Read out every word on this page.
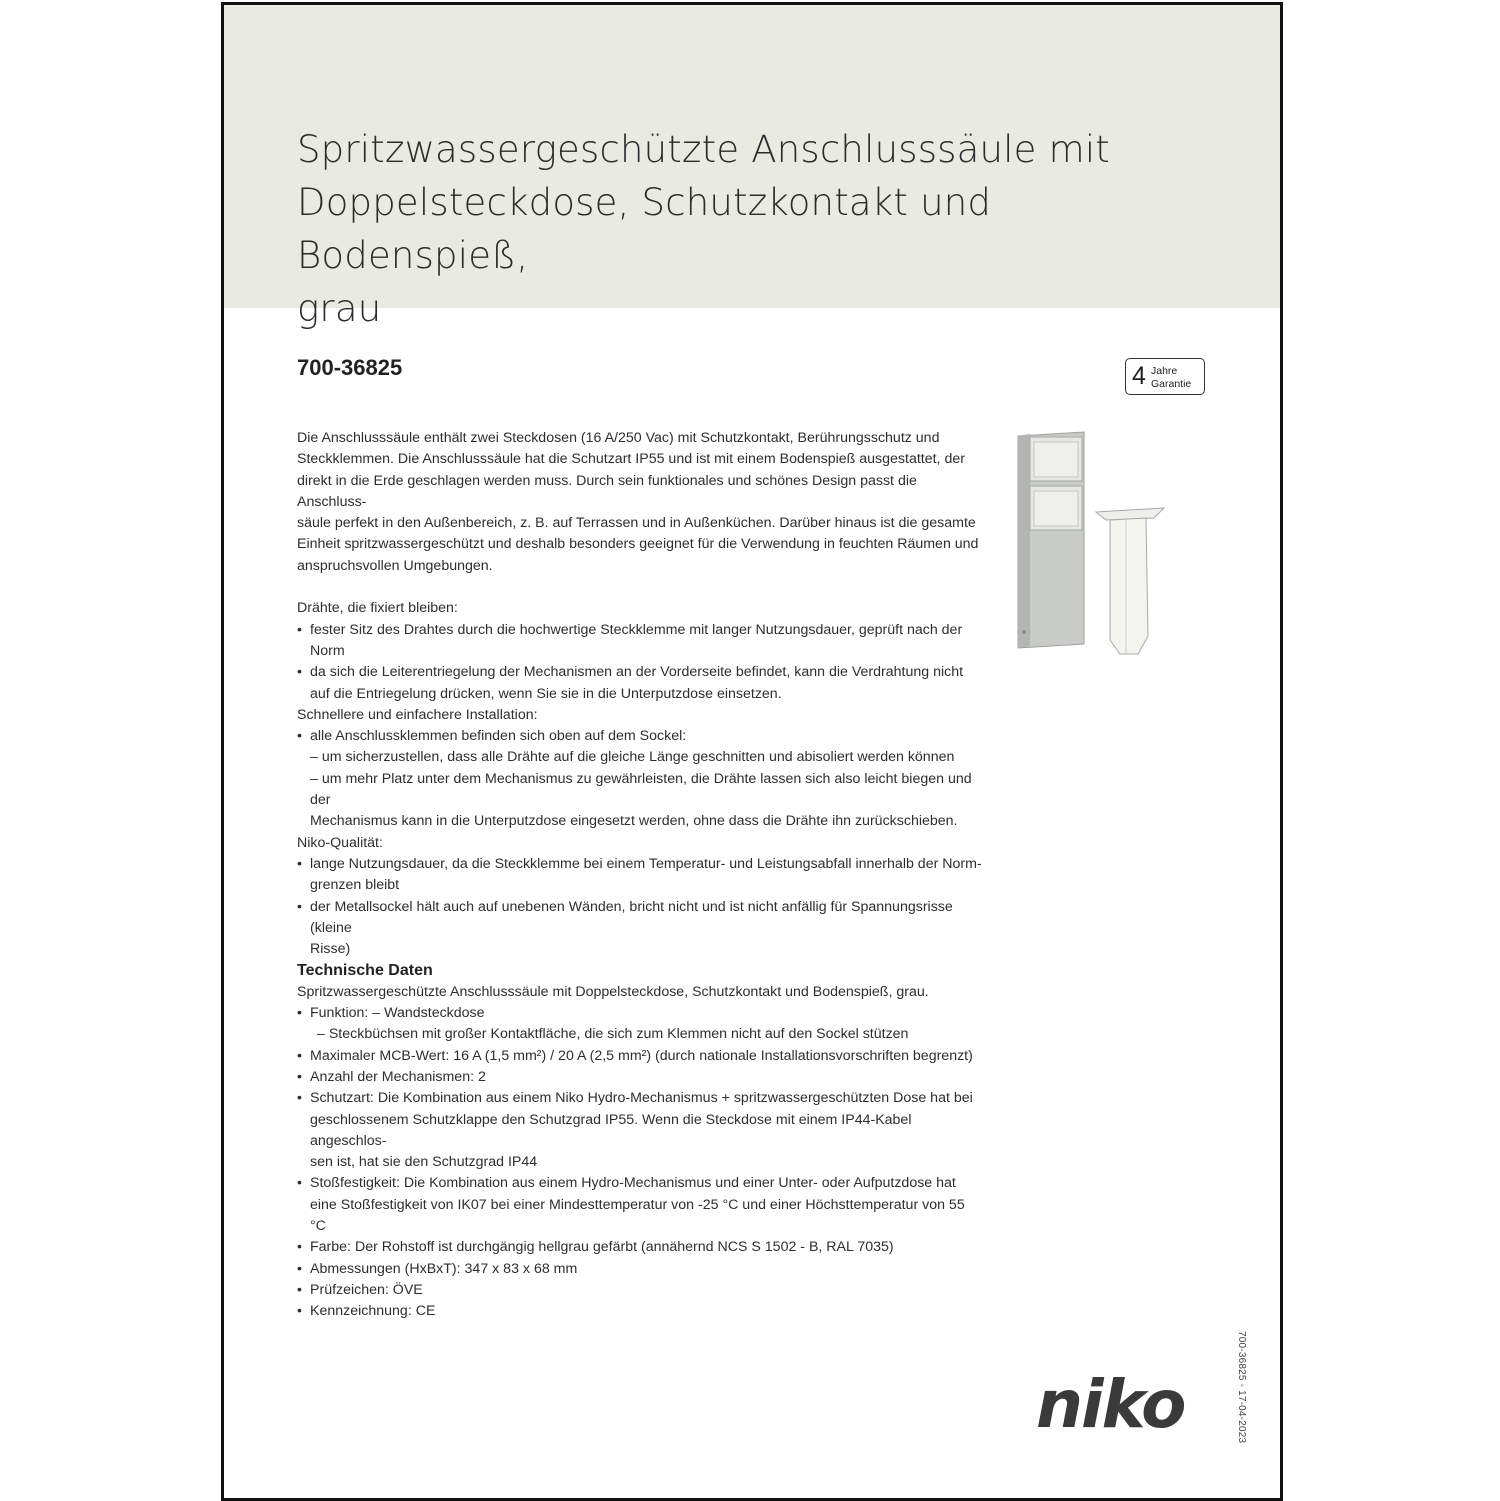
Spritzwassergeschützte Anschlusssäule mit
Doppelsteckdose, Schutzkontakt und Bodenspieß,
grau
700-36825	4 Jahre
Garantie

Die Anschlusssäule enthält zwei Steckdosen (16 A/250 Vac) mit Schutzkontakt, Berührungsschutz und

Steckklemmen. Die Anschlusssäule hat die Schutzart IP55 und ist mit einem Bodenspieß ausgestattet, der

direkt in die Erde geschlagen werden muss. Durch sein funktionales und schönes Design passt die Anschluss-

säule perfekt in den Außenbereich, z. B. auf Terrassen und in Außenküchen. Darüber hinaus ist die gesamte

Einheit spritzwassergeschützt und deshalb besonders geeignet für die Verwendung in feuchten Räumen und

anspruchsvollen Umgebungen.

Drähte, die fixiert bleiben:

• fester Sitz des Drahtes durch die hochwertige Steckklemme mit langer Nutzungsdauer, geprüft nach der

Norm

• da sich die Leiterentriegelung der Mechanismen an der Vorderseite befindet, kann die Verdrahtung nicht

auf die Entriegelung drücken, wenn Sie sie in die Unterputzdose einsetzen.

Schnellere und einfachere Installation:

• alle Anschlussklemmen befinden sich oben auf dem Sockel:

– um sicherzustellen, dass alle Drähte auf die gleiche Länge geschnitten und abisoliert werden können

– um mehr Platz unter dem Mechanismus zu gewährleisten, die Drähte lassen sich also leicht biegen und der

Mechanismus kann in die Unterputzdose eingesetzt werden, ohne dass die Drähte ihn zurückschieben.

Niko-Qualität:

• lange Nutzungsdauer, da die Steckklemme bei einem Temperatur- und Leistungsabfall innerhalb der Norm-

grenzen bleibt

• der Metallsockel hält auch auf unebenen Wänden, bricht nicht und ist nicht anfällig für Spannungsrisse (kleine

Risse)

Technische Daten

Spritzwassergeschützte Anschlusssäule mit Doppelsteckdose, Schutzkontakt und Bodenspieß, grau.

• Funktion: – Wandsteckdose

– Steckbüchsen mit großer Kontaktfläche, die sich zum Klemmen nicht auf den Sockel stützen

• Maximaler MCB-Wert: 16 A (1,5 mm²) / 20 A (2,5 mm²) (durch nationale Installationsvorschriften begrenzt)

• Anzahl der Mechanismen: 2

• Schutzart: Die Kombination aus einem Niko Hydro-Mechanismus + spritzwassergeschützten Dose hat bei

geschlossenem Schutzklappe den Schutzgrad IP55. Wenn die Steckdose mit einem IP44-Kabel angeschlos-

sen ist, hat sie den Schutzgrad IP44

• Stoßfestigkeit: Die Kombination aus einem Hydro-Mechanismus und einer Unter- oder Aufputzdose hat

eine Stoßfestigkeit von IK07 bei einer Mindesttemperatur von -25 °C und einer Höchsttemperatur von 55

°C

• Farbe: Der Rohstoff ist durchgängig hellgrau gefärbt (annähernd NCS S 1502 - B, RAL 7035)

• Abmessungen (HxBxT): 347 x 83 x 68 mm

• Prüfzeichen: ÖVE

• Kennzeichnung: CE

700-36825 - 17-04-2023
niko
